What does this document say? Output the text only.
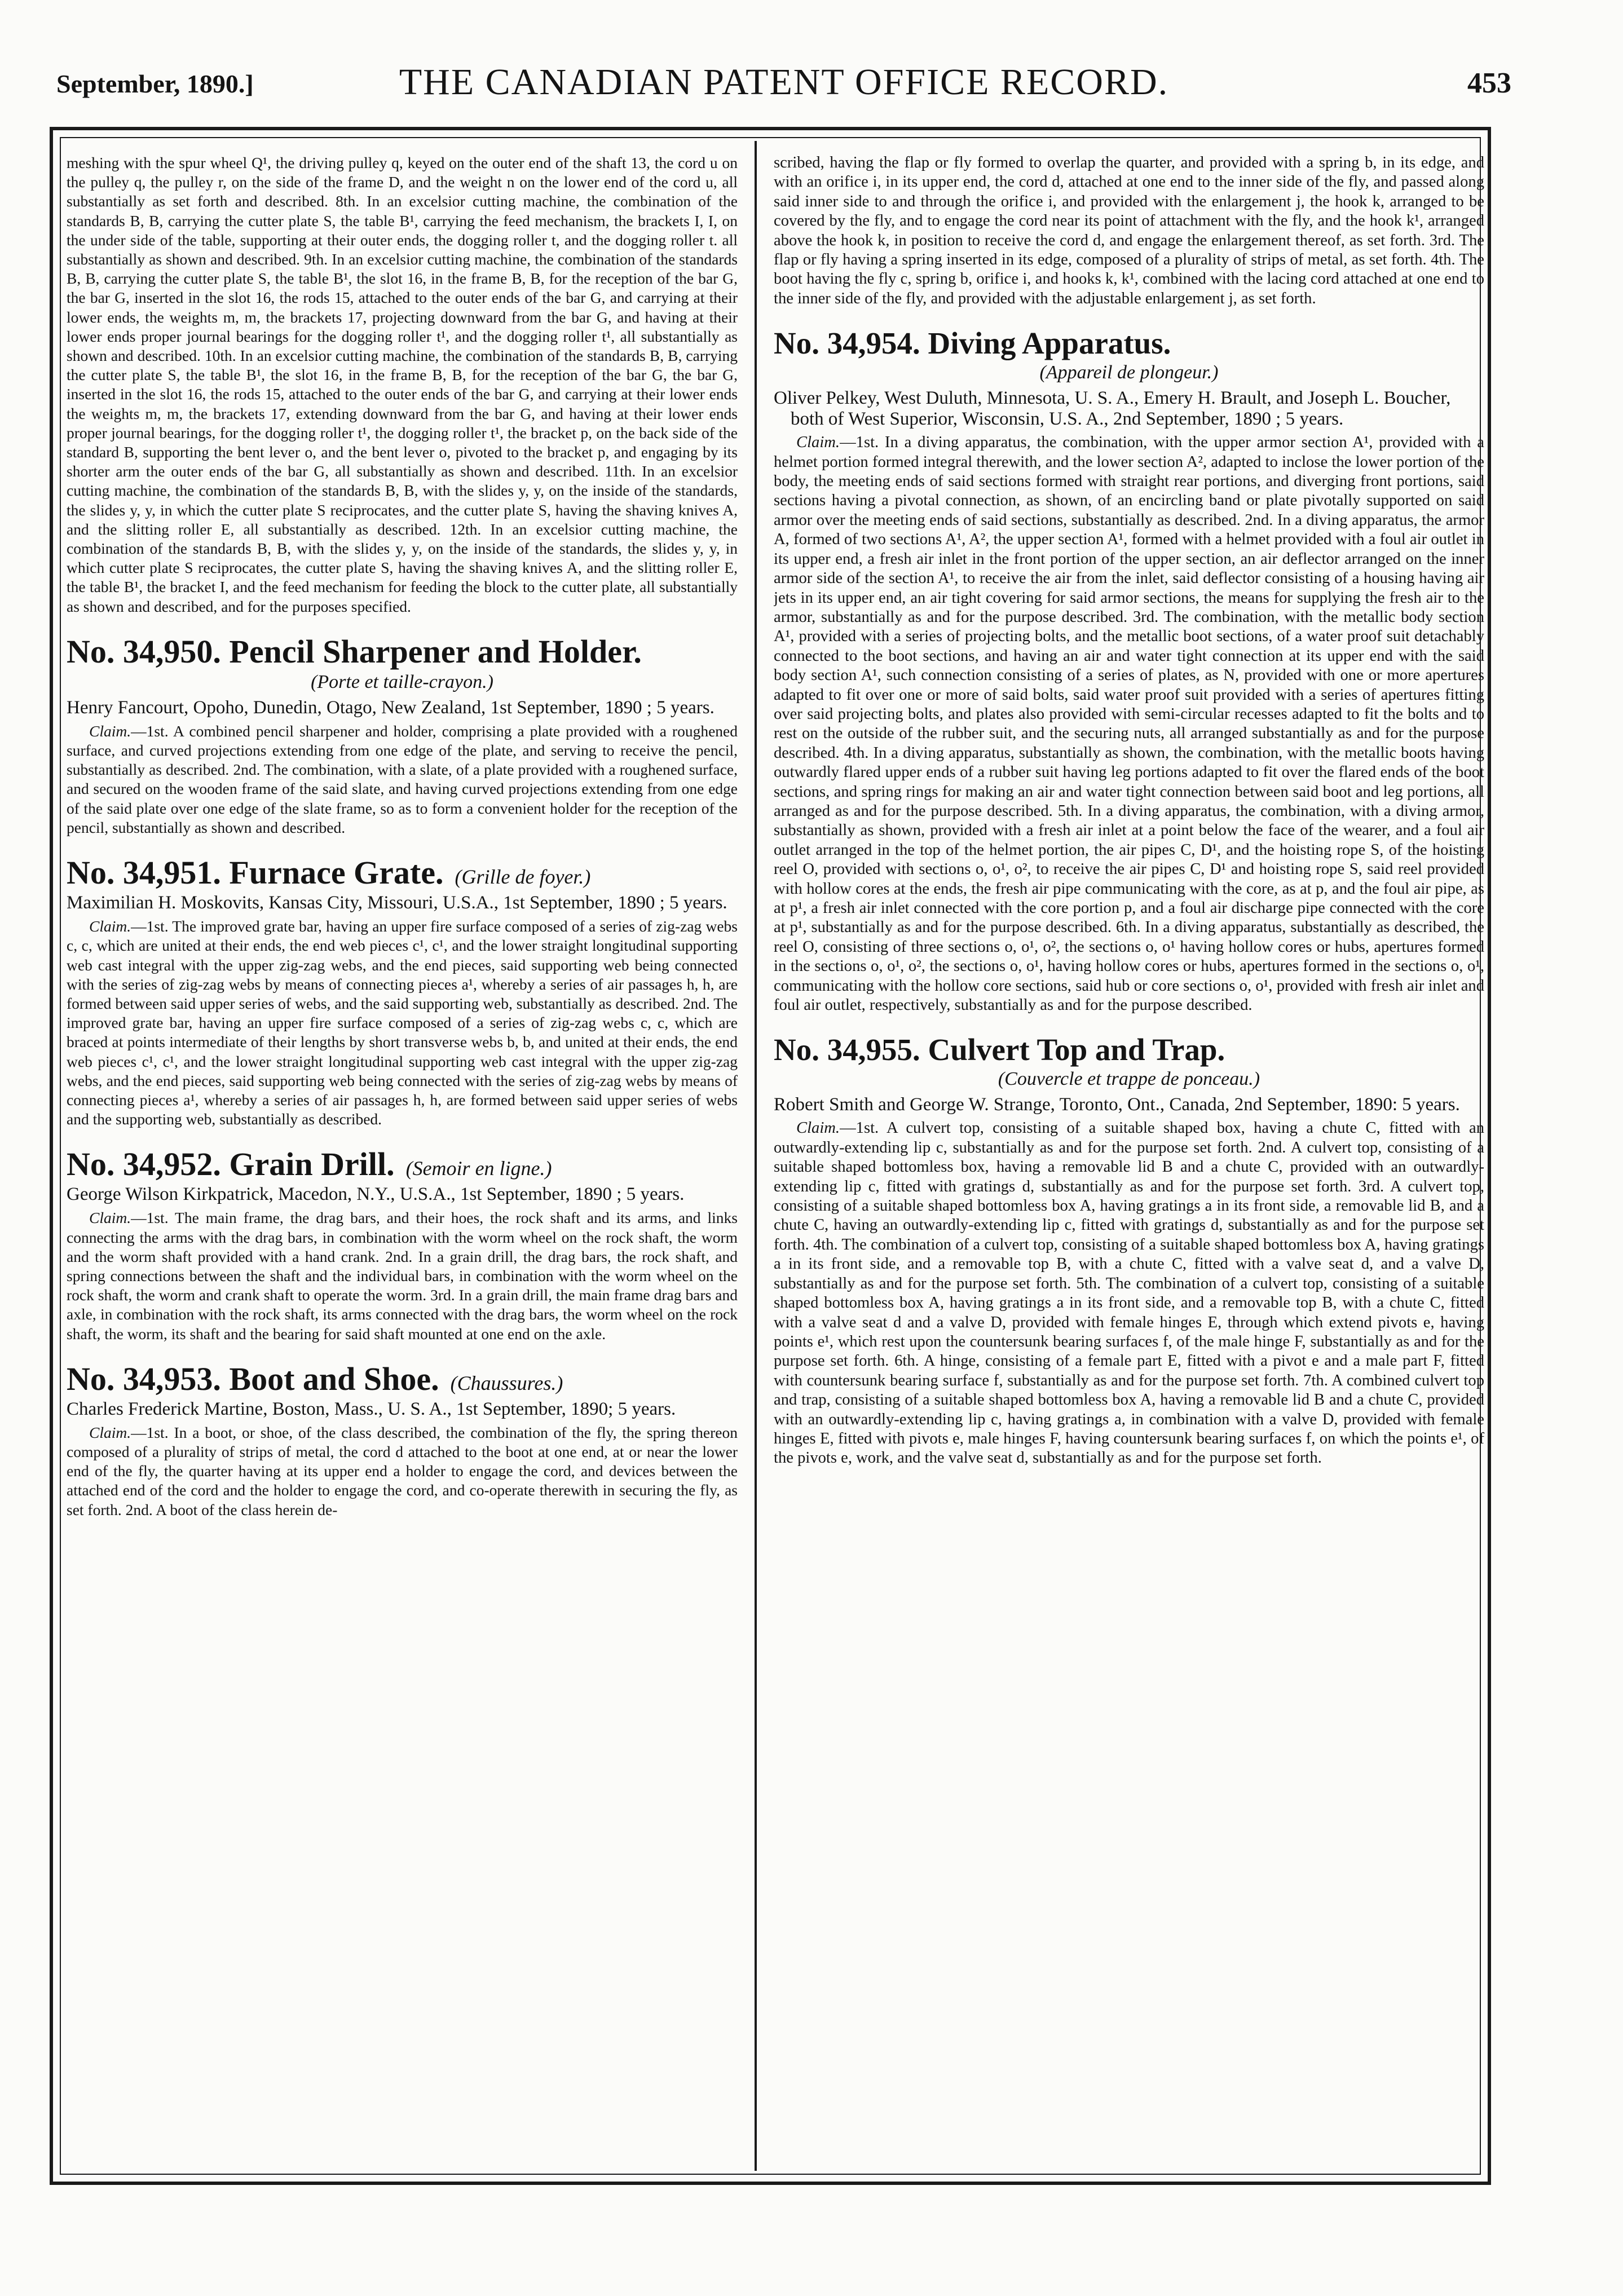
September, 1890.]	THE CANADIAN PATENT OFFICE RECORD.	453

meshing with the spur wheel Q¹, the driving pulley q, keyed on the outer end of the shaft 13, the cord u on the pulley q, the pulley r, on the side of the frame D, and the weight n on the lower end of the cord u, all substantially as set forth and described. 8th. In an excelsior cutting machine, the combination of the standards B, B, carrying the cutter plate S, the table B¹, carrying the feed mechanism, the brackets I, I, on the under side of the table, supporting at their outer ends, the dogging roller t, and the dogging roller t. all substantially as shown and described. 9th. In an excelsior cutting machine, the combination of the standards B, B, carrying the cutter plate S, the table B¹, the slot 16, in the frame B, B, for the reception of the bar G, the bar G, inserted in the slot 16, the rods 15, attached to the outer ends of the bar G, and carrying at their lower ends, the weights m, m, the brackets 17, projecting downward from the bar G, and having at their lower ends proper journal bearings for the dogging roller t¹, and the dogging roller t¹, all substantially as shown and described. 10th. In an excelsior cutting machine, the combination of the standards B, B, carrying the cutter plate S, the table B¹, the slot 16, in the frame B, B, for the reception of the bar G, the bar G, inserted in the slot 16, the rods 15, attached to the outer ends of the bar G, and carrying at their lower ends the weights m, m, the brackets 17, extending downward from the bar G, and having at their lower ends proper journal bearings, for the dogging roller t¹, the dogging roller t¹, the bracket p, on the back side of the standard B, supporting the bent lever o, and the bent lever o, pivoted to the bracket p, and engaging by its shorter arm the outer ends of the bar G, all substantially as shown and described. 11th. In an excelsior cutting machine, the combination of the standards B, B, with the slides y, y, on the inside of the standards, the slides y, y, in which the cutter plate S reciprocates, and the cutter plate S, having the shaving knives A, and the slitting roller E, all substantially as described. 12th. In an excelsior cutting machine, the combination of the standards B, B, with the slides y, y, on the inside of the standards, the slides y, y, in which cutter plate S reciprocates, the cutter plate S, having the shaving knives A, and the slitting roller E, the table B¹, the bracket I, and the feed mechanism for feeding the block to the cutter plate, all substantially as shown and described, and for the purposes specified.

No. 34,950. Pencil Sharpener and Holder.
(Porte et taille-crayon.)

Henry Fancourt, Opoho, Dunedin, Otago, New Zealand, 1st September, 1890 ; 5 years.

Claim.—1st. A combined pencil sharpener and holder, comprising a plate provided with a roughened surface, and curved projections extending from one edge of the plate, and serving to receive the pencil, substantially as described. 2nd. The combination, with a slate, of a plate provided with a roughened surface, and secured on the wooden frame of the said slate, and having curved projections extending from one edge of the said plate over one edge of the slate frame, so as to form a convenient holder for the reception of the pencil, substantially as shown and described.

No. 34,951. Furnace Grate. (Grille de foyer.)

Maximilian H. Moskovits, Kansas City, Missouri, U.S.A., 1st September, 1890 ; 5 years.

Claim.—1st. The improved grate bar, having an upper fire surface composed of a series of zig-zag webs c, c, which are united at their ends, the end web pieces c¹, c¹, and the lower straight longitudinal supporting web cast integral with the upper zig-zag webs, and the end pieces, said supporting web being connected with the series of zig-zag webs by means of connecting pieces a¹, whereby a series of air passages h, h, are formed between said upper series of webs, and the said supporting web, substantially as described. 2nd. The improved grate bar, having an upper fire surface composed of a series of zig-zag webs c, c, which are braced at points intermediate of their lengths by short transverse webs b, b, and united at their ends, the end web pieces c¹, c¹, and the lower straight longitudinal supporting web cast integral with the upper zig-zag webs, and the end pieces, said supporting web being connected with the series of zig-zag webs by means of connecting pieces a¹, whereby a series of air passages h, h, are formed between said upper series of webs and the supporting web, substantially as described.

No. 34,952. Grain Drill. (Semoir en ligne.)

George Wilson Kirkpatrick, Macedon, N.Y., U.S.A., 1st September, 1890 ; 5 years.

Claim.—1st. The main frame, the drag bars, and their hoes, the rock shaft and its arms, and links connecting the arms with the drag bars, in combination with the worm wheel on the rock shaft, the worm and the worm shaft provided with a hand crank. 2nd. In a grain drill, the drag bars, the rock shaft, and spring connections between the shaft and the individual bars, in combination with the worm wheel on the rock shaft, the worm and crank shaft to operate the worm. 3rd. In a grain drill, the main frame drag bars and axle, in combination with the rock shaft, its arms connected with the drag bars, the worm wheel on the rock shaft, the worm, its shaft and the bearing for said shaft mounted at one end on the axle.

No. 34,953. Boot and Shoe. (Chaussures.)

Charles Frederick Martine, Boston, Mass., U. S. A., 1st September, 1890; 5 years.

Claim.—1st. In a boot, or shoe, of the class described, the combination of the fly, the spring thereon composed of a plurality of strips of metal, the cord d attached to the boot at one end, at or near the lower end of the fly, the quarter having at its upper end a holder to engage the cord, and devices between the attached end of the cord and the holder to engage the cord, and co-operate therewith in securing the fly, as set forth. 2nd. A boot of the class herein de-

scribed, having the flap or fly formed to overlap the quarter, and provided with a spring b, in its edge, and with an orifice i, in its upper end, the cord d, attached at one end to the inner side of the fly, and passed along said inner side to and through the orifice i, and provided with the enlargement j, the hook k, arranged to be covered by the fly, and to engage the cord near its point of attachment with the fly, and the hook k¹, arranged above the hook k, in position to receive the cord d, and engage the enlargement thereof, as set forth. 3rd. The flap or fly having a spring inserted in its edge, composed of a plurality of strips of metal, as set forth. 4th. The boot having the fly c, spring b, orifice i, and hooks k, k¹, combined with the lacing cord attached at one end to the inner side of the fly, and provided with the adjustable enlargement j, as set forth.

No. 34,954. Diving Apparatus.
(Appareil de plongeur.)

Oliver Pelkey, West Duluth, Minnesota, U. S. A., Emery H. Brault, and Joseph L. Boucher, both of West Superior, Wisconsin, U.S. A., 2nd September, 1890 ; 5 years.

Claim.—1st. In a diving apparatus, the combination, with the upper armor section A¹, provided with a helmet portion formed integral therewith, and the lower section A², adapted to inclose the lower portion of the body, the meeting ends of said sections formed with straight rear portions, and diverging front portions, said sections having a pivotal connection, as shown, of an encircling band or plate pivotally supported on said armor over the meeting ends of said sections, substantially as described. 2nd. In a diving apparatus, the armor A, formed of two sections A¹, A², the upper section A¹, formed with a helmet provided with a foul air outlet in its upper end, a fresh air inlet in the front portion of the upper section, an air deflector arranged on the inner armor side of the section A¹, to receive the air from the inlet, said deflector consisting of a housing having air jets in its upper end, an air tight covering for said armor sections, the means for supplying the fresh air to the armor, substantially as and for the purpose described. 3rd. The combination, with the metallic body section A¹, provided with a series of projecting bolts, and the metallic boot sections, of a water proof suit detachably connected to the boot sections, and having an air and water tight connection at its upper end with the said body section A¹, such connection consisting of a series of plates, as N, provided with one or more apertures adapted to fit over one or more of said bolts, said water proof suit provided with a series of apertures fitting over said projecting bolts, and plates also provided with semi-circular recesses adapted to fit the bolts and to rest on the outside of the rubber suit, and the securing nuts, all arranged substantially as and for the purpose described. 4th. In a diving apparatus, substantially as shown, the combination, with the metallic boots having outwardly flared upper ends of a rubber suit having leg portions adapted to fit over the flared ends of the boot sections, and spring rings for making an air and water tight connection between said boot and leg portions, all arranged as and for the purpose described. 5th. In a diving apparatus, the combination, with a diving armor, substantially as shown, provided with a fresh air inlet at a point below the face of the wearer, and a foul air outlet arranged in the top of the helmet portion, the air pipes C, D¹, and the hoisting rope S, of the hoisting reel O, provided with sections o, o¹, o², to receive the air pipes C, D¹ and hoisting rope S, said reel provided with hollow cores at the ends, the fresh air pipe communicating with the core, as at p, and the foul air pipe, as at p¹, a fresh air inlet connected with the core portion p, and a foul air discharge pipe connected with the core at p¹, substantially as and for the purpose described. 6th. In a diving apparatus, substantially as described, the reel O, consisting of three sections o, o¹, o², the sections o, o¹ having hollow cores or hubs, apertures formed in the sections o, o¹, o², the sections o, o¹, having hollow cores or hubs, apertures formed in the sections o, o¹, communicating with the hollow core sections, said hub or core sections o, o¹, provided with fresh air inlet and foul air outlet, respectively, substantially as and for the purpose described.

No. 34,955. Culvert Top and Trap.
(Couvercle et trappe de ponceau.)

Robert Smith and George W. Strange, Toronto, Ont., Canada, 2nd September, 1890: 5 years.

Claim.—1st. A culvert top, consisting of a suitable shaped box, having a chute C, fitted with an outwardly-extending lip c, substantially as and for the purpose set forth. 2nd. A culvert top, consisting of a suitable shaped bottomless box, having a removable lid B and a chute C, provided with an outwardly-extending lip c, fitted with gratings d, substantially as and for the purpose set forth. 3rd. A culvert top, consisting of a suitable shaped bottomless box A, having gratings a in its front side, a removable lid B, and a chute C, having an outwardly-extending lip c, fitted with gratings d, substantially as and for the purpose set forth. 4th. The combination of a culvert top, consisting of a suitable shaped bottomless box A, having gratings a in its front side, and a removable top B, with a chute C, fitted with a valve seat d, and a valve D, substantially as and for the purpose set forth. 5th. The combination of a culvert top, consisting of a suitable shaped bottomless box A, having gratings a in its front side, and a removable top B, with a chute C, fitted with a valve seat d and a valve D, provided with female hinges E, through which extend pivots e, having points e¹, which rest upon the countersunk bearing surfaces f, of the male hinge F, substantially as and for the purpose set forth. 6th. A hinge, consisting of a female part E, fitted with a pivot e and a male part F, fitted with countersunk bearing surface f, substantially as and for the purpose set forth. 7th. A combined culvert top and trap, consisting of a suitable shaped bottomless box A, having a removable lid B and a chute C, provided with an outwardly-extending lip c, having gratings a, in combination with a valve D, provided with female hinges E, fitted with pivots e, male hinges F, having countersunk bearing surfaces f, on which the points e¹, of the pivots e, work, and the valve seat d, substantially as and for the purpose set forth.
